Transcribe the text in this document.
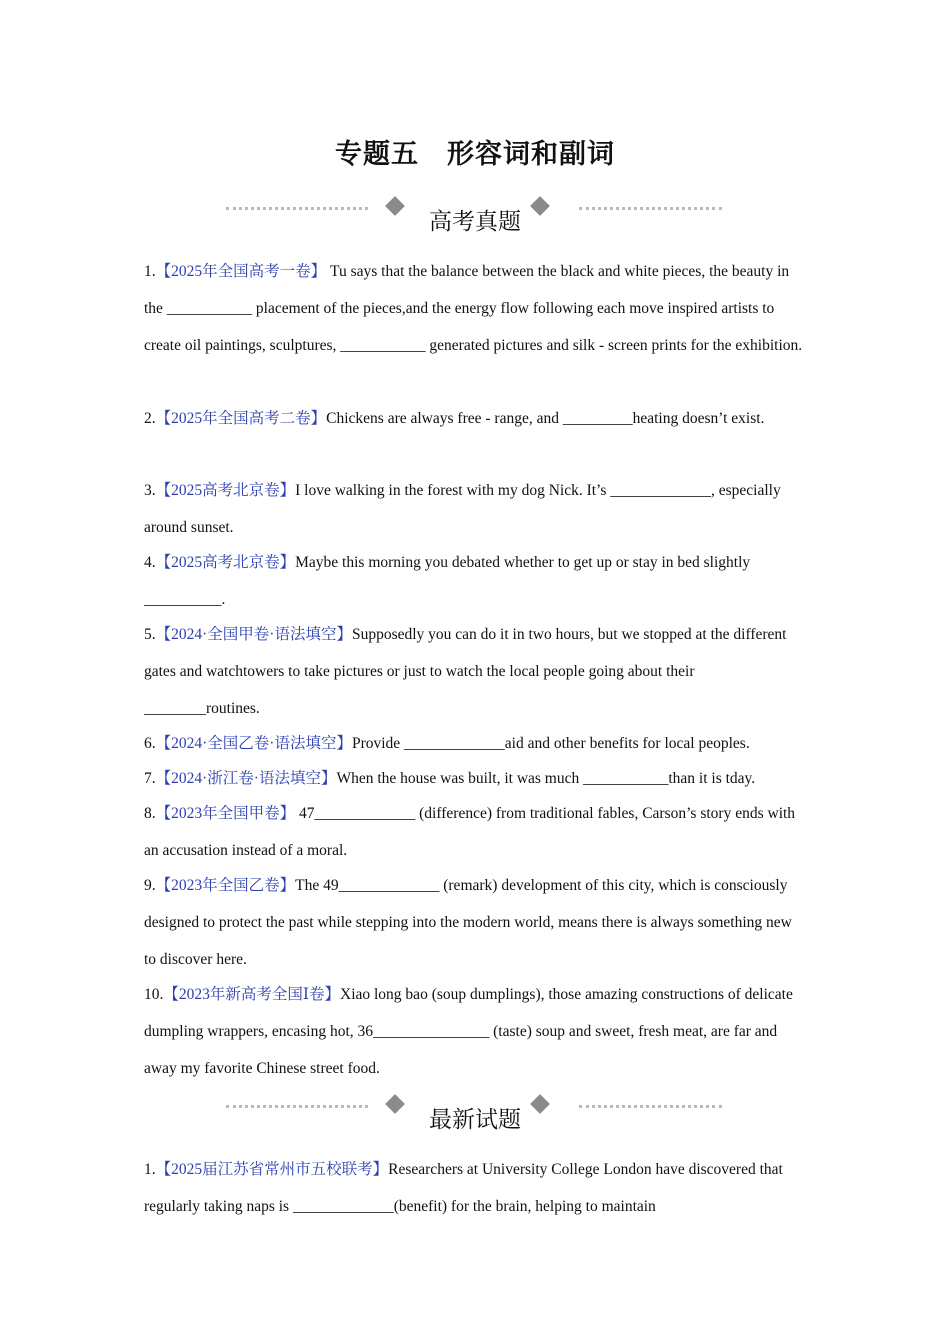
专题五　形容词和副词
高考真题
1.【2025年全国高考一卷】 Tu says that the balance between the black and white pieces, the beauty in the ___________ placement of the pieces,and the energy flow following each move inspired artists to create oil paintings, sculptures, ___________ generated pictures and silk - screen prints for the exhibition.
2.【2025年全国高考二卷】Chickens are always free - range, and _________heating doesn’t exist.
3.【2025高考北京卷】I love walking in the forest with my dog Nick. It’s _____________, especially around sunset.
4.【2025高考北京卷】Maybe this morning you debated whether to get up or stay in bed slightly __________.
5.【2024·全国甲卷·语法填空】Supposedly you can do it in two hours, but we stopped at the different gates and watchtowers to take pictures or just to watch the local people going about their ________routines.
6.【2024·全国乙卷·语法填空】Provide _____________aid and other benefits for local peoples.
7.【2024·浙江卷·语法填空】When the house was built, it was much ___________than it is tday.
8.【2023年全国甲卷】 47_____________ (difference) from traditional fables, Carson’s story ends with an accusation instead of a moral.
9.【2023年全国乙卷】The 49_____________ (remark) development of this city, which is consciously designed to protect the past while stepping into the modern world, means there is always something new to discover here.
10.【2023年新高考全国Ⅰ卷】Xiao long bao (soup dumplings), those amazing constructions of delicate dumpling wrappers, encasing hot, 36_______________ (taste) soup and sweet, fresh meat, are far and away my favorite Chinese street food.
最新试题
1.【2025届江苏省常州市五校联考】Researchers at University College London have discovered that regularly taking naps is _____________(benefit) for the brain, helping to maintain
